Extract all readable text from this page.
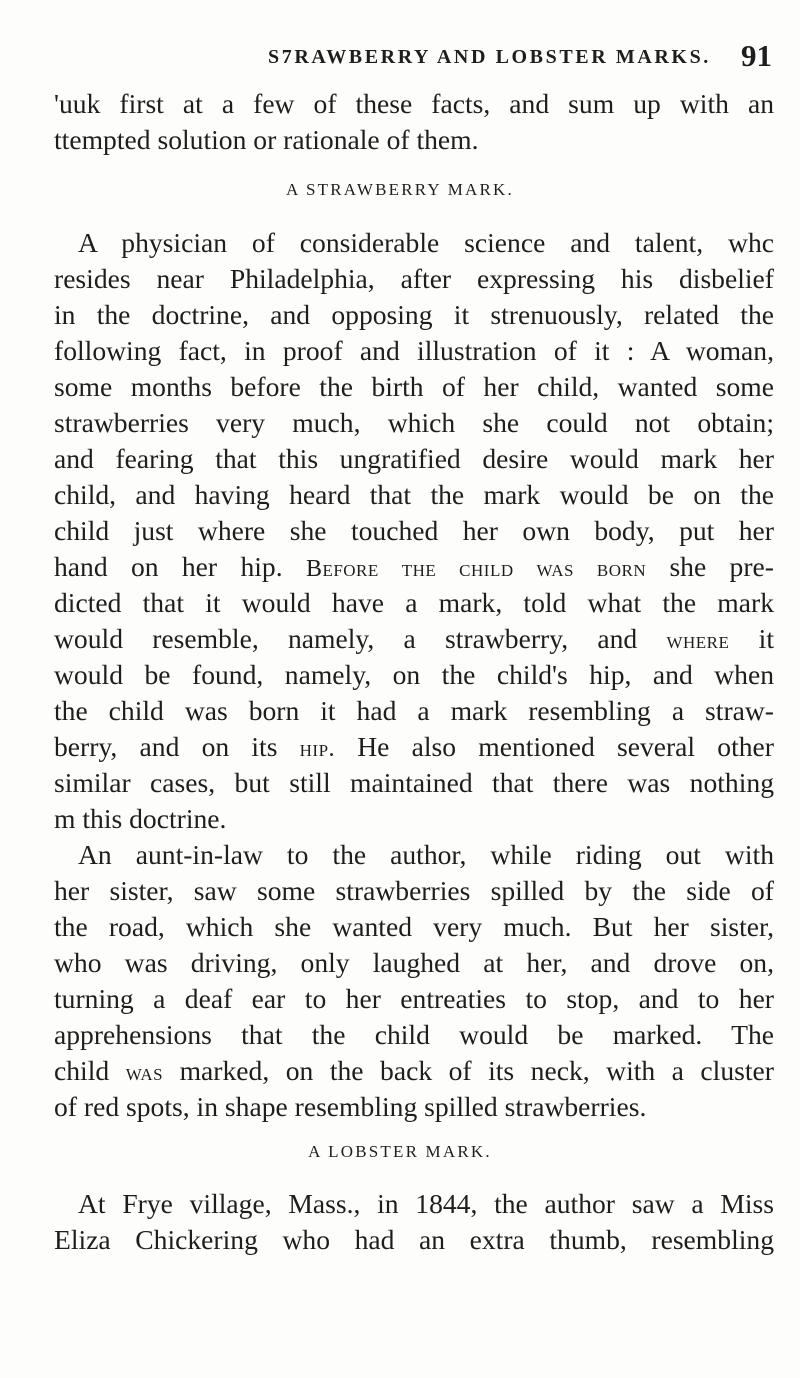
S7RAWBERRY AND LOBSTER MARKS. 91
'uuk first at a few of these facts, and sum up with an
ttempted solution or rationale of them.
A STRAWBERRY MARK.
A physician of considerable science and talent, whc
resides near Philadelphia, after expressing his disbelief
in the doctrine, and opposing it strenuously, related the
following fact, in proof and illustration of it : A woman,
some months before the birth of her child, wanted some
strawberries very much, which she could not obtain;
and fearing that this ungratified desire would mark her
child, and having heard that the mark would be on the
child just where she touched her own body, put her
hand on her hip. Before the child was born she pre-
dicted that it would have a mark, told what the mark
would resemble, namely, a strawberry, and where it
would be found, namely, on the child's hip, and when
the child was born it had a mark resembling a straw-
berry, and on its hip. He also mentioned several other
similar cases, but still maintained that there was nothing
m this doctrine.
An aunt-in-law to the author, while riding out with
her sister, saw some strawberries spilled by the side of
the road, which she wanted very much. But her sister,
who was driving, only laughed at her, and drove on,
turning a deaf ear to her entreaties to stop, and to her
apprehensions that the child would be marked. The
child was marked, on the back of its neck, with a cluster
of red spots, in shape resembling spilled strawberries.
A LOBSTER MARK.
At Frye village, Mass., in 1844, the author saw a Miss
Eliza Chickering who had an extra thumb, resembling
